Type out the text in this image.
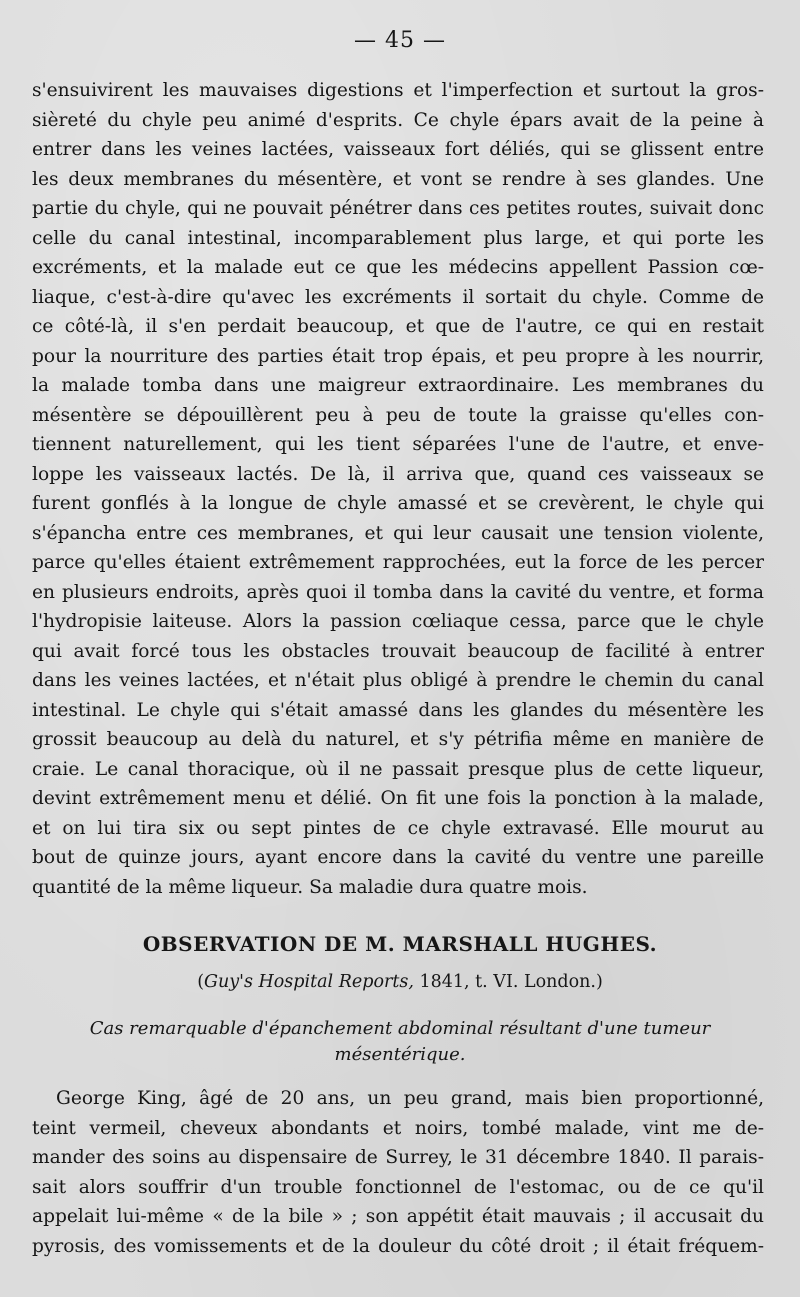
— 45 —

s'ensuivirent les mauvaises digestions et l'imperfection et surtout la gros-
sièreté du chyle peu animé d'esprits. Ce chyle épars avait de la peine à
entrer dans les veines lactées, vaisseaux fort déliés, qui se glissent entre
les deux membranes du mésentère, et vont se rendre à ses glandes. Une
partie du chyle, qui ne pouvait pénétrer dans ces petites routes, suivait donc
celle du canal intestinal, incomparablement plus large, et qui porte les
excréments, et la malade eut ce que les médecins appellent Passion cœ-
liaque, c'est-à-dire qu'avec les excréments il sortait du chyle. Comme de
ce côté-là, il s'en perdait beaucoup, et que de l'autre, ce qui en restait
pour la nourriture des parties était trop épais, et peu propre à les nourrir,
la malade tomba dans une maigreur extraordinaire. Les membranes du
mésentère se dépouillèrent peu à peu de toute la graisse qu'elles con-
tiennent naturellement, qui les tient séparées l'une de l'autre, et enve-
loppe les vaisseaux lactés. De là, il arriva que, quand ces vaisseaux se
furent gonflés à la longue de chyle amassé et se crevèrent, le chyle qui
s'épancha entre ces membranes, et qui leur causait une tension violente,
parce qu'elles étaient extrêmement rapprochées, eut la force de les percer
en plusieurs endroits, après quoi il tomba dans la cavité du ventre, et forma
l'hydropisie laiteuse. Alors la passion cœliaque cessa, parce que le chyle
qui avait forcé tous les obstacles trouvait beaucoup de facilité à entrer
dans les veines lactées, et n'était plus obligé à prendre le chemin du canal
intestinal. Le chyle qui s'était amassé dans les glandes du mésentère les
grossit beaucoup au delà du naturel, et s'y pétrifia même en manière de
craie. Le canal thoracique, où il ne passait presque plus de cette liqueur,
devint extrêmement menu et délié. On fit une fois la ponction à la malade,
et on lui tira six ou sept pintes de ce chyle extravasé. Elle mourut au
bout de quinze jours, ayant encore dans la cavité du ventre une pareille
quantité de la même liqueur. Sa maladie dura quatre mois.
OBSERVATION DE M. MARSHALL HUGHES.

(Guy's Hospital Reports, 1841, t. VI. London.)

Cas remarquable d'épanchement abdominal résultant d'une tumeur
mésentérique.

George King, âgé de 20 ans, un peu grand, mais bien proportionné,
teint vermeil, cheveux abondants et noirs, tombé malade, vint me de-
mander des soins au dispensaire de Surrey, le 31 décembre 1840. Il parais-
sait alors souffrir d'un trouble fonctionnel de l'estomac, ou de ce qu'il
appelait lui-même « de la bile » ; son appétit était mauvais ; il accusait du
pyrosis, des vomissements et de la douleur du côté droit ; il était fréquem-
